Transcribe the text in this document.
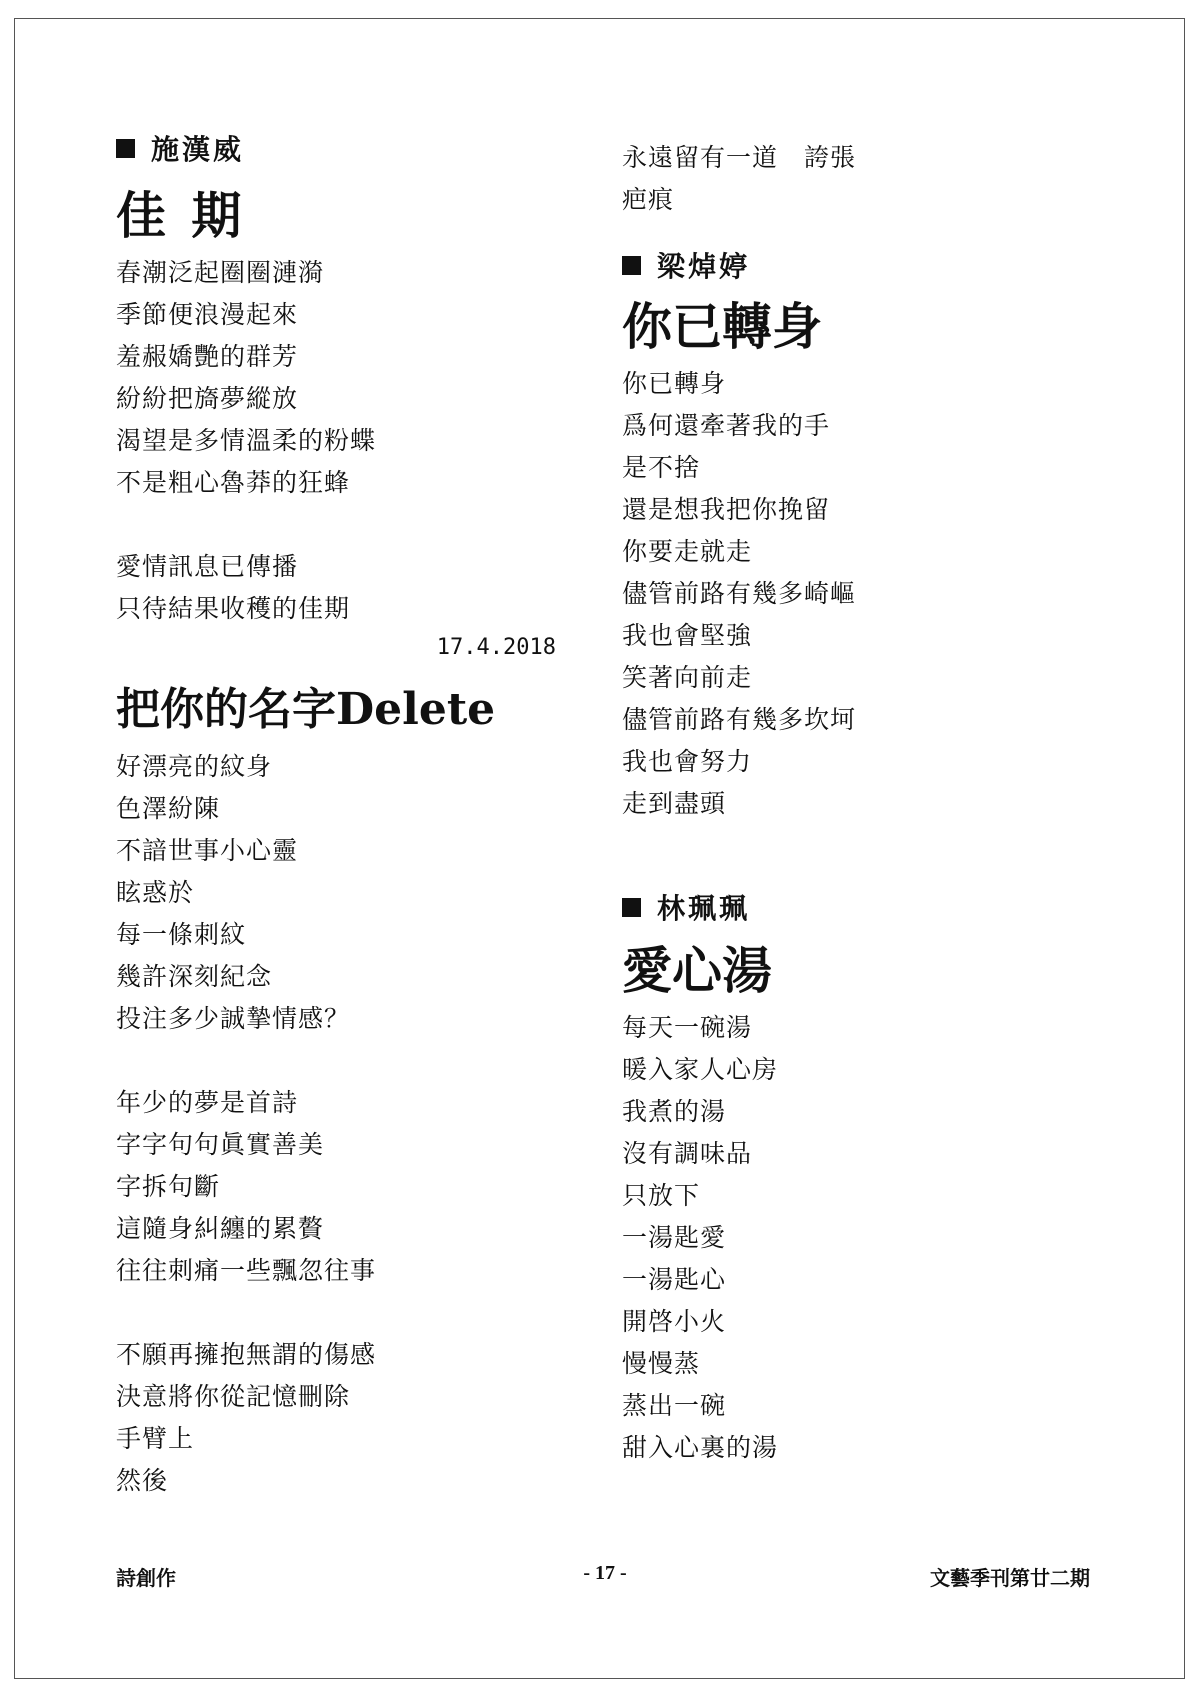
施漢威
佳 期
春潮泛起圈圈漣漪
季節便浪漫起來
羞赧嬌艷的群芳
紛紛把旖夢縱放
渴望是多情溫柔的粉蝶
不是粗心魯莽的狂蜂
愛情訊息已傳播
只待結果收穫的佳期
17.4.2018
把你的名字Delete
好漂亮的紋身
色澤紛陳
不諳世事小心靈
眩惑於
每一條刺紋
幾許深刻紀念
投注多少誠摯情感？
年少的夢是首詩
字字句句眞實善美
字拆句斷
這隨身糾纏的累贅
往往刺痛一些飄忽往事
不願再擁抱無謂的傷感
決意將你從記憶刪除
手臂上
然後
永遠留有一道　誇張
疤痕
梁焯婷
你已轉身
你已轉身
爲何還牽著我的手
是不捨
還是想我把你挽留
你要走就走
儘管前路有幾多崎嶇
我也會堅強
笑著向前走
儘管前路有幾多坎坷
我也會努力
走到盡頭
林珮珮
愛心湯
每天一碗湯
暖入家人心房
我煮的湯
沒有調味品
只放下
一湯匙愛
一湯匙心
開啓小火
慢慢蒸
蒸出一碗
甜入心裏的湯
詩創作	- 17 -	文藝季刊第廿二期
